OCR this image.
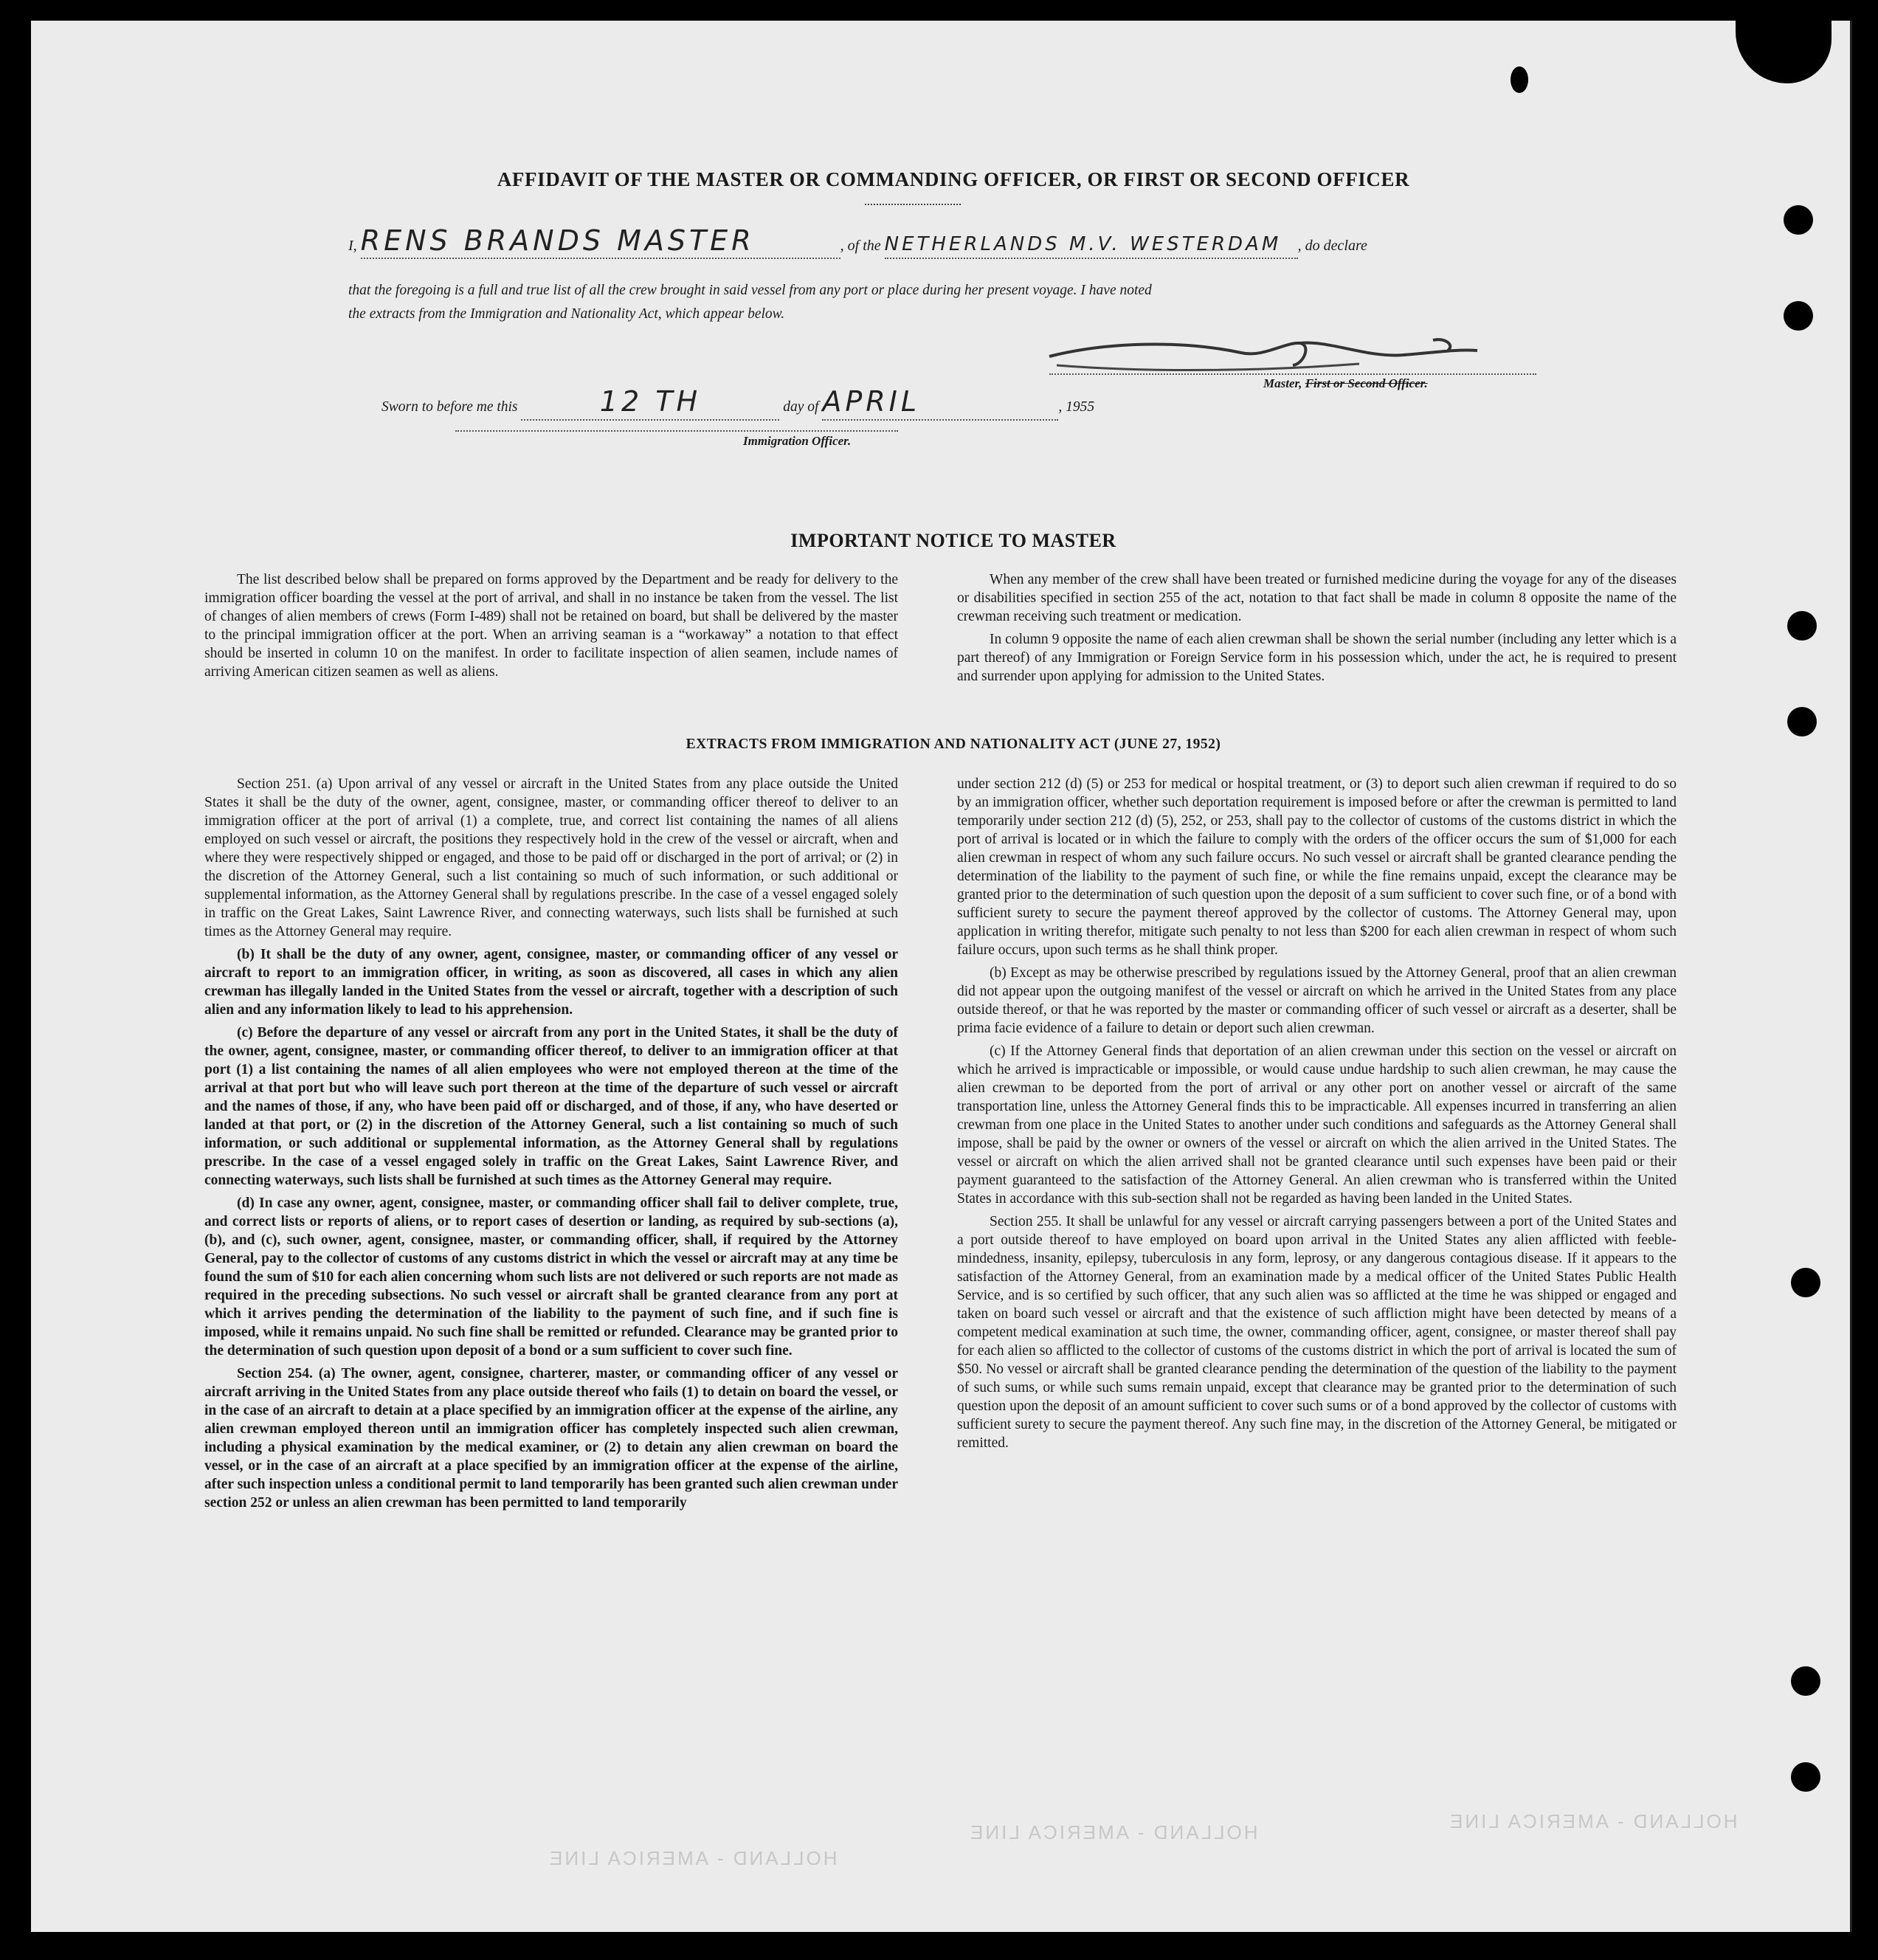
HOLLAND - AMERICA LINE
HOLLAND - AMERICA LINE	HOLLAND - AMERICA LINE
AFFIDAVIT OF THE MASTER OR COMMANDING OFFICER, OR FIRST OR SECOND OFFICER
I, RENS BRANDS MASTER	, of the NETHERLANDS M.V. WESTERDAM , do declare
that the foregoing is a full and true list of all the crew brought in said vessel from any port or place during her present voyage. I have noted
the extracts from the Immigration and Nationality Act, which appear below.
Master, First or Second Officer.
Sworn to before me this	12 TH	day of APRIL	, 1955
Immigration Officer.
IMPORTANT NOTICE TO MASTER

The list described below shall be prepared on forms approved by the Department and be ready for delivery to the immigration officer boarding the vessel at the port of arrival, and shall in no instance be taken from the vessel. The list of changes of alien members of crews (Form I-489) shall not be retained on board, but shall be delivered by the master to the principal immigration officer at the port. When an arriving seaman is a “workaway” a notation to that effect should be inserted in column 10 on the manifest. In order to facilitate inspection of alien seamen, include names of arriving American citizen seamen as well as aliens.

When any member of the crew shall have been treated or furnished medicine during the voyage for any of the diseases or disabilities specified in section 255 of the act, notation to that fact shall be made in column 8 opposite the name of the crewman receiving such treatment or medication.

In column 9 opposite the name of each alien crewman shall be shown the serial number (including any letter which is a part thereof) of any Immigration or Foreign Service form in his possession which, under the act, he is required to present and surrender upon applying for admission to the United States.

EXTRACTS FROM IMMIGRATION AND NATIONALITY ACT (JUNE 27, 1952)

Section 251. (a) Upon arrival of any vessel or aircraft in the United States from any place outside the United States it shall be the duty of the owner, agent, consignee, master, or commanding officer thereof to deliver to an immigration officer at the port of arrival (1) a complete, true, and correct list containing the names of all aliens employed on such vessel or aircraft, the positions they respectively hold in the crew of the vessel or aircraft, when and where they were respectively shipped or engaged, and those to be paid off or discharged in the port of arrival; or (2) in the discretion of the Attorney General, such a list containing so much of such information, or such additional or supplemental information, as the Attorney General shall by regulations prescribe. In the case of a vessel engaged solely in traffic on the Great Lakes, Saint Lawrence River, and connecting waterways, such lists shall be furnished at such times as the Attorney General may require.

(b) It shall be the duty of any owner, agent, consignee, master, or commanding officer of any vessel or aircraft to report to an immigration officer, in writing, as soon as discovered, all cases in which any alien crewman has illegally landed in the United States from the vessel or aircraft, together with a description of such alien and any information likely to lead to his apprehension.

(c) Before the departure of any vessel or aircraft from any port in the United States, it shall be the duty of the owner, agent, consignee, master, or commanding officer thereof, to deliver to an immigration officer at that port (1) a list containing the names of all alien employees who were not employed thereon at the time of the arrival at that port but who will leave such port thereon at the time of the departure of such vessel or aircraft and the names of those, if any, who have been paid off or discharged, and of those, if any, who have deserted or landed at that port, or (2) in the discretion of the Attorney General, such a list containing so much of such information, or such additional or supplemental information, as the Attorney General shall by regulations prescribe. In the case of a vessel engaged solely in traffic on the Great Lakes, Saint Lawrence River, and connecting waterways, such lists shall be furnished at such times as the Attorney General may require.

(d) In case any owner, agent, consignee, master, or commanding officer shall fail to deliver complete, true, and correct lists or reports of aliens, or to report cases of desertion or landing, as required by sub-sections (a), (b), and (c), such owner, agent, consignee, master, or commanding officer, shall, if required by the Attorney General, pay to the collector of customs of any customs district in which the vessel or aircraft may at any time be found the sum of $10 for each alien concerning whom such lists are not delivered or such reports are not made as required in the preceding subsections. No such vessel or aircraft shall be granted clearance from any port at which it arrives pending the determination of the liability to the payment of such fine, and if such fine is imposed, while it remains unpaid. No such fine shall be remitted or refunded. Clearance may be granted prior to the determination of such question upon deposit of a bond or a sum sufficient to cover such fine.

Section 254. (a) The owner, agent, consignee, charterer, master, or commanding officer of any vessel or aircraft arriving in the United States from any place outside thereof who fails (1) to detain on board the vessel, or in the case of an aircraft to detain at a place specified by an immigration officer at the expense of the airline, any alien crewman employed thereon until an immigration officer has completely inspected such alien crewman, including a physical examination by the medical examiner, or (2) to detain any alien crewman on board the vessel, or in the case of an aircraft at a place specified by an immigration officer at the expense of the airline, after such inspection unless a conditional permit to land temporarily has been granted such alien crewman under section 252 or unless an alien crewman has been permitted to land temporarily

under section 212 (d) (5) or 253 for medical or hospital treatment, or (3) to deport such alien crewman if required to do so by an immigration officer, whether such deportation requirement is imposed before or after the crewman is permitted to land temporarily under section 212 (d) (5), 252, or 253, shall pay to the collector of customs of the customs district in which the port of arrival is located or in which the failure to comply with the orders of the officer occurs the sum of $1,000 for each alien crewman in respect of whom any such failure occurs. No such vessel or aircraft shall be granted clearance pending the determination of the liability to the payment of such fine, or while the fine remains unpaid, except the clearance may be granted prior to the determination of such question upon the deposit of a sum sufficient to cover such fine, or of a bond with sufficient surety to secure the payment thereof approved by the collector of customs. The Attorney General may, upon application in writing therefor, mitigate such penalty to not less than $200 for each alien crewman in respect of whom such failure occurs, upon such terms as he shall think proper.

(b) Except as may be otherwise prescribed by regulations issued by the Attorney General, proof that an alien crewman did not appear upon the outgoing manifest of the vessel or aircraft on which he arrived in the United States from any place outside thereof, or that he was reported by the master or commanding officer of such vessel or aircraft as a deserter, shall be prima facie evidence of a failure to detain or deport such alien crewman.

(c) If the Attorney General finds that deportation of an alien crewman under this section on the vessel or aircraft on which he arrived is impracticable or impossible, or would cause undue hardship to such alien crewman, he may cause the alien crewman to be deported from the port of arrival or any other port on another vessel or aircraft of the same transportation line, unless the Attorney General finds this to be impracticable. All expenses incurred in transferring an alien crewman from one place in the United States to another under such conditions and safeguards as the Attorney General shall impose, shall be paid by the owner or owners of the vessel or aircraft on which the alien arrived in the United States. The vessel or aircraft on which the alien arrived shall not be granted clearance until such expenses have been paid or their payment guaranteed to the satisfaction of the Attorney General. An alien crewman who is transferred within the United States in accordance with this sub-section shall not be regarded as having been landed in the United States.

Section 255. It shall be unlawful for any vessel or aircraft carrying passengers between a port of the United States and a port outside thereof to have employed on board upon arrival in the United States any alien afflicted with feeble-mindedness, insanity, epilepsy, tuberculosis in any form, leprosy, or any dangerous contagious disease. If it appears to the satisfaction of the Attorney General, from an examination made by a medical officer of the United States Public Health Service, and is so certified by such officer, that any such alien was so afflicted at the time he was shipped or engaged and taken on board such vessel or aircraft and that the existence of such affliction might have been detected by means of a competent medical examination at such time, the owner, commanding officer, agent, consignee, or master thereof shall pay for each alien so afflicted to the collector of customs of the customs district in which the port of arrival is located the sum of $50. No vessel or aircraft shall be granted clearance pending the determination of the question of the liability to the payment of such sums, or while such sums remain unpaid, except that clearance may be granted prior to the determination of such question upon the deposit of an amount sufficient to cover such sums or of a bond approved by the collector of customs with sufficient surety to secure the payment thereof. Any such fine may, in the discretion of the Attorney General, be mitigated or remitted.
